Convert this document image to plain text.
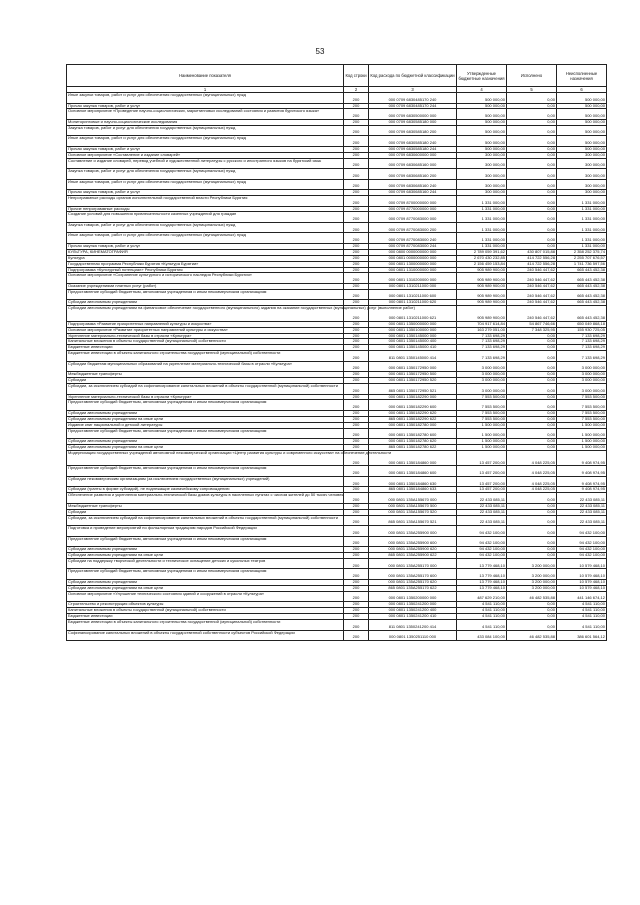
53
Наименование показателя	Код строки	Код расхода по бюджетной классификации	Утвержденные бюджетные назначения	Исполнено	Неисполненные назначения
1	2	3	4	5	6
Иные закупки товаров, работ и услуг для обеспечения государственных (муниципальных) нужд	200	000 0709 6830485170 240	500 000,00	0,00	500 000,00
Прочая закупка товаров, работ и услуг	200	000 0709 6830485170 244	500 000,00	0,00	500 000,00
Основное мероприятие «Проведение научно-социологических, маркетинговых исследований состояния и развития бурятского языка»	200	000 0709 6830500000 000	500 000,00	0,00	500 000,00
Мониторинговые и научно-социологические исследования	200	000 0709 6830585180 000	500 000,00	0,00	500 000,00
Закупка товаров, работ и услуг для обеспечения государственных (муниципальных) нужд	200	000 0709 6830585180 200	500 000,00	0,00	500 000,00
Иные закупки товаров, работ и услуг для обеспечения государственных (муниципальных) нужд	200	000 0709 6830585180 240	500 000,00	0,00	500 000,00
Прочая закупка товаров, работ и услуг	200	000 0709 6830585180 244	500 000,00	0,00	500 000,00
Основное мероприятие «Составление и издание словарей»	200	000 0709 6830600000 000	300 000,00	0,00	300 000,00
Составление и издание словарей, перевод учебной и художественной литературы с русского и иностранного языков на бурятский язык	200	000 0709 6830685160 000	300 000,00	0,00	300 000,00
Закупка товаров, работ и услуг для обеспечения государственных (муниципальных) нужд	200	000 0709 6830685160 200	300 000,00	0,00	300 000,00
Иные закупки товаров, работ и услуг для обеспечения государственных (муниципальных) нужд	200	000 0709 6830685160 240	300 000,00	0,00	300 000,00
Прочая закупка товаров, работ и услуг	200	000 0709 6830685160 244	300 000,00	0,00	300 000,00
Непрограммные расходы органов исполнительной государственной власти Республики Бурятия	200	000 0709 8700000000 000	1 331 000,00	0,00	1 331 000,00
Прочие непрограммные расходы	200	000 0709 8770000000 000	1 331 000,00	0,00	1 331 000,00
Создание условий для повышения привлекательности казенных учреждений для граждан	200	000 0709 8770083000 000	1 331 000,00	0,00	1 331 000,00
Закупка товаров, работ и услуг для обеспечения государственных (муниципальных) нужд	200	000 0709 8770083000 200	1 331 000,00	0,00	1 331 000,00
Иные закупки товаров, работ и услуг для обеспечения государственных (муниципальных) нужд	200	000 0709 8770083000 240	1 331 000,00	0,00	1 331 000,00
Прочая закупка товаров, работ и услуг	200	000 0709 8770083000 244	1 331 000,00	0,00	1 331 000,00
КУЛЬТУРА, КИНЕМАТОГРАФИЯ	200	000 0800 0000000000 000	2 789 059 391,62	430 807 015,88	2 358 252 375,74
Культура	200	000 0801 0000000000 000	2 670 430 232,85	414 722 556,28	2 255 707 676,57
Государственная программа Республики Бурятия «Культура Бурятии»	200	000 0801 1300000000 000	2 156 459 153,84	414 722 556,28	1 741 736 597,56
Подпрограмма «Культурный потенциал» Республики Бурятия	200	000 0801 1310000000 000	905 989 900,00	240 546 447,62	665 443 452,38
Основное мероприятие «Сохранение культурного и исторического наследия Республики Бурятия»	200	000 0801 1310200000 000	905 989 900,00	240 546 447,62	665 443 452,38
Оказание учреждениями платных услуг (работ)	200	000 0801 1310211000 000	905 989 900,00	240 546 447,62	665 443 452,38
Предоставление субсидий бюджетным, автономным учреждениям и иным некоммерческим организациям	200	000 0801 1310211000 600	905 989 900,00	240 546 447,62	665 443 452,38
Субсидии автономным учреждениям	200	000 0801 1310211000 620	905 989 900,00	240 546 447,62	665 443 452,38
Субсидии автономным учреждениям на финансовое обеспечение государственного (муниципального) задания на оказание государственных (муниципальных) услуг (выполнение работ)	200	000 0801 1310211000 621	905 989 900,00	240 546 447,62	665 443 452,38
Подпрограмма «Развитие приоритетных направлений культуры и искусства»	200	000 0801 1350000000 000	704 917 614,84	54 867 746,66	650 049 868,18
Основное мероприятие «Развитие приоритетных направлений культуры и искусства»	200	000 0801 1350100000 000	163 279 051,00	7 348 325,95	155 930 725,05
Укрепление материально-технической базы в отрасли «Культура»	200	000 0801 1350145000 000	7 133 698,29	0,00	7 133 698,29
Капитальные вложения в объекты государственной (муниципальной) собственности	200	000 0801 1350145000 400	7 133 698,29	0,00	7 133 698,29
Бюджетные инвестиции	200	000 0801 1350145000 410	7 133 698,29	0,00	7 133 698,29
Бюджетные инвестиции в объекты капитального строительства государственной (муниципальной) собственности	200	811 0801 1350145000 414	7 133 698,29	0,00	7 133 698,29
Субсидии бюджетам муниципальных образований на укрепление материально-технической базы в отрасли «Культура»	200	000 0801 1350172950 000	3 000 000,00	0,00	3 000 000,00
Межбюджетные трансферты	200	000 0801 1350172950 500	3 000 000,00	0,00	3 000 000,00
Субсидии	200	000 0801 1350172950 520	3 000 000,00	0,00	3 000 000,00
Субсидии, за исключением субсидий на софинансирование капитальных вложений в объекты государственной (муниципальной) собственности	200	865 0801 1350172950 521	3 000 000,00	0,00	3 000 000,00
Укрепление материально-технической базы в отрасли «Культура»	200	000 0801 1350182290 000	7 553 500,00	0,00	7 553 500,00
Предоставление субсидий бюджетным, автономным учреждениям и иным некоммерческим организациям	200	000 0801 1350182290 600	7 553 500,00	0,00	7 553 500,00
Субсидии автономным учреждениям	200	000 0801 1350182290 620	7 553 500,00	0,00	7 553 500,00
Субсидии автономным учреждениям на иные цели	200	865 0801 1350182290 622	7 553 500,00	0,00	7 553 500,00
Издание книг национальной и детской литературы	200	000 0801 1350182780 000	1 500 000,00	0,00	1 500 000,00
Предоставление субсидий бюджетным, автономным учреждениям и иным некоммерческим организациям	200	000 0801 1350182780 600	1 500 000,00	0,00	1 500 000,00
Субсидии автономным учреждениям	200	000 0801 1350182780 620	1 500 000,00	0,00	1 500 000,00
Субсидии автономным учреждениям на иные цели	200	865 0801 1350182780 622	1 500 000,00	0,00	1 500 000,00
Модернизация государственных учреждений автономной некоммерческой организации «Центр развития культуры и современного искусства» на обеспечение деятельности	200	000 0801 1350184860 000	13 457 200,00	4 048 225,05	9 408 974,95
Предоставление субсидий бюджетным, автономным учреждениям и иным некоммерческим организациям	200	000 0801 1350184860 600	13 457 200,00	4 048 225,05	9 408 974,95
Субсидии некоммерческим организациям (за исключением государственных (муниципальных) учреждений)	200	000 0801 1350184860 630	13 457 200,00	4 048 225,05	9 408 974,95
Субсидии (гранты в форме субсидий), не подлежащие казначейскому сопровождению	200	865 0801 1350184860 633	13 457 200,00	4 048 225,05	9 408 974,95
Обеспечение развития и укрепления материально-технической базы домов культуры в населенных пунктах с числом жителей до 50 тысяч человек	200	000 0801 135A155670 000	22 433 085,11	0,00	22 433 085,11
Межбюджетные трансферты	200	000 0801 135A155670 500	22 433 085,11	0,00	22 433 085,11
Субсидии	200	000 0801 135A155670 520	22 433 085,11	0,00	22 433 085,11
Субсидии, за исключением субсидий на софинансирование капитальных вложений в объекты государственной (муниципальной) собственности	200	865 0801 135A155670 521	22 433 085,11	0,00	22 433 085,11
Подготовка и проведение мероприятий по фольклорным традициям народов Российской Федерации	200	000 0801 135A255900 000	94 432 100,00	0,00	94 432 100,00
Предоставление субсидий бюджетным, автономным учреждениям и иным некоммерческим организациям	200	000 0801 135A255900 600	94 432 100,00	0,00	94 432 100,00
Субсидии автономным учреждениям	200	000 0801 135A255900 620	94 432 100,00	0,00	94 432 100,00
Субсидии автономным учреждениям на иные цели	200	865 0801 135A255900 622	94 432 100,00	0,00	94 432 100,00
Субсидии на поддержку творческой деятельности и техническое оснащение детских и кукольных театров	200	000 0801 135A255170 000	13 779 468,10	3 200 000,00	10 579 468,10
Предоставление субсидий бюджетным, автономным учреждениям и иным некоммерческим организациям	200	000 0801 135A255170 600	13 779 468,10	3 200 000,00	10 579 468,10
Субсидии автономным учреждениям	200	000 0801 135A255170 620	13 779 468,10	3 200 000,00	10 579 468,10
Субсидии автономным учреждениям на иные цели	200	865 0801 135A255170 622	13 779 468,10	3 200 000,00	10 579 468,10
Основное мероприятие «Улучшение технического состояния зданий и сооружений в отрасли «Культура»	200	000 0801 1350200000 000	487 629 210,00	46 482 535,88	441 146 674,12
Строительство и реконструкция объектов культуры	200	000 0801 1350241200 000	4 541 110,00	0,00	4 541 110,00
Капитальные вложения в объекты государственной (муниципальной) собственности	200	000 0801 1350241200 400	4 541 110,00	0,00	4 541 110,00
Бюджетные инвестиции	200	000 0801 1350241200 410	4 541 110,00	0,00	4 541 110,00
Бюджетные инвестиции в объекты капитального строительства государственной (муниципальной) собственности	200	811 0801 1350241200 414	4 541 110,00	0,00	4 541 110,00
Софинансирование капитальных вложений в объекты государственной собственности субъектов Российской Федерации	200	000 0801 1350251110 000	433 084 100,00	46 482 535,88	386 601 564,12
